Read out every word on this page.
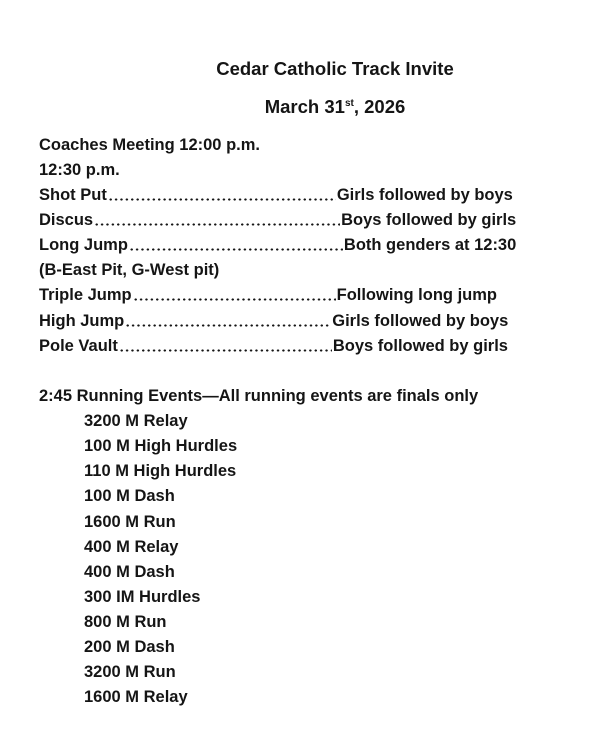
Cedar Catholic Track Invite
March 31st, 2026
Coaches Meeting 12:00 p.m.
12:30 p.m.
Shot Put	Girls followed by boys
Discus	Boys followed by girls
Long Jump	Both genders at 12:30
(B-East Pit, G-West pit)
Triple Jump	Following long jump
High Jump	Girls followed by boys
Pole Vault	Boys followed by girls
2:45 Running Events—All running events are finals only
3200 M Relay
100 M High Hurdles
110 M High Hurdles
100 M Dash
1600 M Run
400 M Relay
400 M Dash
300 IM Hurdles
800 M Run
200 M Dash
3200 M Run
1600 M Relay
